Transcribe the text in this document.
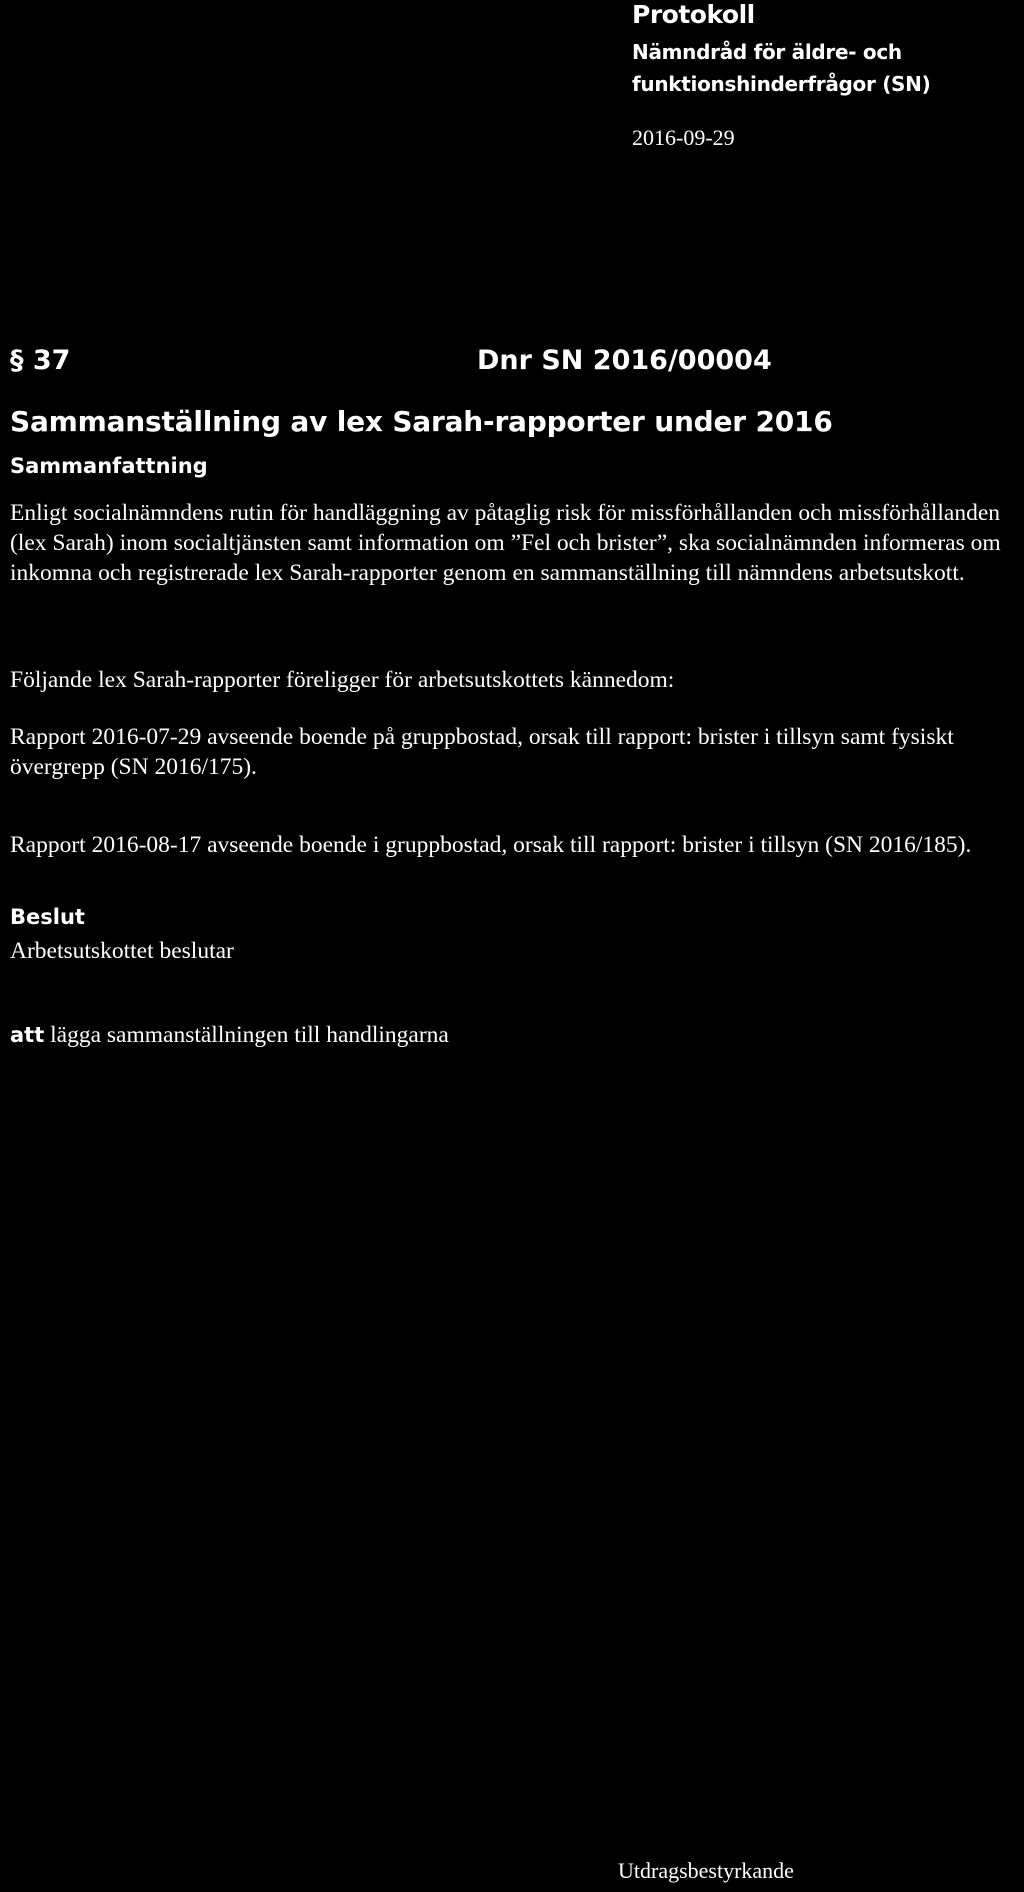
Protokoll
Nämndråd för äldre- och
funktionshinderfrågor (SN)
2016-09-29
§ 37	Dnr SN 2016/00004
Sammanställning av lex Sarah-rapporter under 2016
Sammanfattning

Enligt socialnämndens rutin för handläggning av påtaglig risk för missförhållanden och missförhållanden (lex Sarah) inom socialtjänsten samt information om ”Fel och brister”, ska socialnämnden informeras om inkomna och registrerade lex Sarah-rapporter genom en sammanställning till nämndens arbetsutskott.

Följande lex Sarah-rapporter föreligger för arbetsutskottets kännedom:

Rapport 2016-07-29 avseende boende på gruppbostad, orsak till rapport: brister i tillsyn samt fysiskt övergrepp (SN 2016/175).

Rapport 2016-08-17 avseende boende i gruppbostad, orsak till rapport: brister i tillsyn (SN 2016/185).

Beslut
Arbetsutskottet beslutar
att lägga sammanställningen till handlingarna
Utdragsbestyrkande
